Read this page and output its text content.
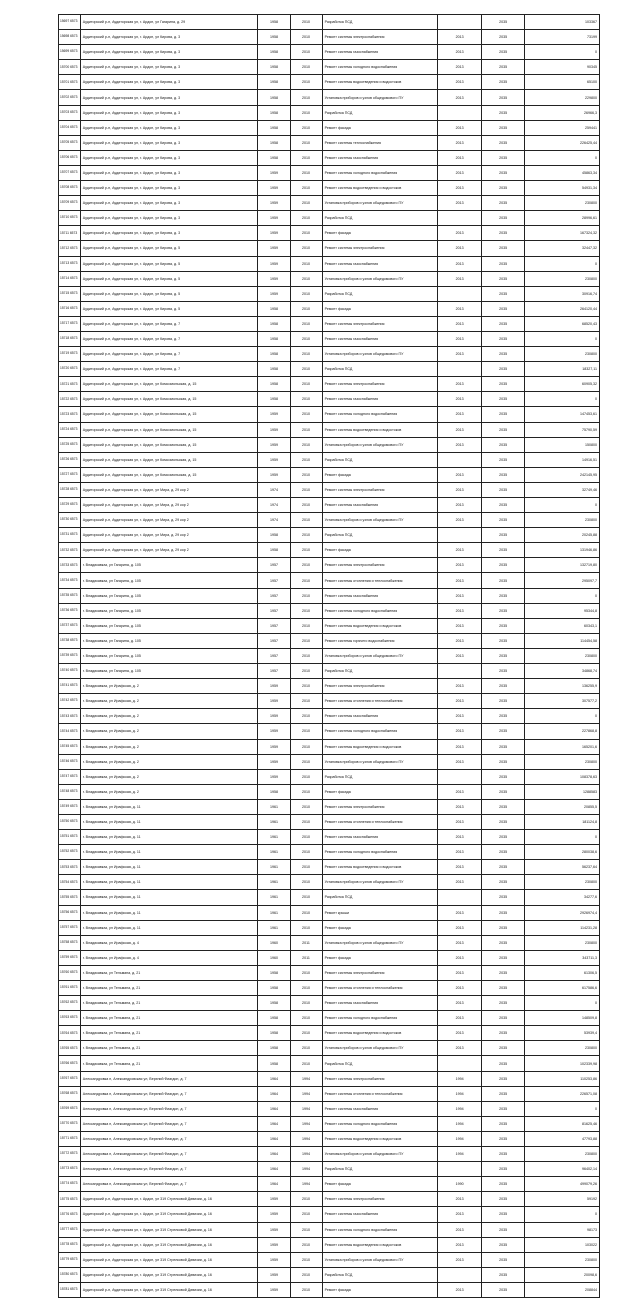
15697 6573	Аудиторский р-н, Аудиторская ул, г. Ардон, ул Гагарина, д. 29	1958	2010	Разработка ПСД		2035	103367
15698 6573	Аудиторский р-н, Аудиторская ул, г. Ардон, ул Кирова, д. 3	1958	2010	Ремонт системы электроснабжения	2013	2035	73199
15699 6573	Аудиторский р-н, Аудиторская ул, г. Ардон, ул Кирова, д. 3	1958	2010	Ремонт системы газоснабжения	2013	2035	0
15700 6573	Аудиторский р-н, Аудиторская ул, г. Ардон, ул Кирова, д. 3	1958	2010	Ремонт системы холодного водоснабжения	2013	2035	90345
15701 6573	Аудиторский р-н, Аудиторская ул, г. Ардон, ул Кирова, д. 3	1958	2010	Ремонт системы водоотведения и водостоков	2013	2035	65100
15702 6573	Аудиторский р-н, Аудиторская ул, г. Ардон, ул Кирова, д. 3	1958	2010	Установка приборов и узлов общедомового ПУ	2013	2035	229800
15703 6573	Аудиторский р-н, Аудиторская ул, г. Ардон, ул Кирова, д. 3	1958	2010	Разработка ПСД		2035	26966,3
15704 6573	Аудиторский р-н, Аудиторская ул, г. Ардон, ул Кирова, д. 3	1958	2010	Ремонт фасада	2013	2035	259441
15705 6573	Аудиторский р-н, Аудиторская ул, г. Ардон, ул Кирова, д. 3	1958	2010	Ремонт системы теплоснабжения	2013	2035	226425,44
15706 6573	Аудиторский р-н, Аудиторская ул, г. Ардон, ул Кирова, д. 3	1958	2010	Ремонт системы газоснабжения	2013	2035	0
15707 6573	Аудиторский р-н, Аудиторская ул, г. Ардон, ул Кирова, д. 3	1959	2010	Ремонт системы холодного водоснабжения	2013	2035	45863,34
15708 6573	Аудиторский р-н, Аудиторская ул, г. Ардон, ул Кирова, д. 3	1959	2010	Ремонт системы водоотведения и водостоков	2013	2035	54931,34
15709 6573	Аудиторский р-н, Аудиторская ул, г. Ардон, ул Кирова, д. 3	1959	2010	Установка приборов и узлов общедомового ПУ	2013	2035	230800
15710 6573	Аудиторский р-н, Аудиторская ул, г. Ардон, ул Кирова, д. 3	1959	2010	Разработка ПСД		2035	28996,61
15711 6573	Аудиторский р-н, Аудиторская ул, г. Ардон, ул Кирова, д. 3	1959	2010	Ремонт фасада	2013	2035	167324,32
15712 6573	Аудиторский р-н, Аудиторская ул, г. Ардон, ул Кирова, д. 5	1959	2010	Ремонт системы электроснабжения	2013	2035	32447,32
15713 6573	Аудиторский р-н, Аудиторская ул, г. Ардон, ул Кирова, д. 5	1959	2010	Ремонт системы газоснабжения	2013	2035	0
15714 6573	Аудиторский р-н, Аудиторская ул, г. Ардон, ул Кирова, д. 5	1959	2010	Установка приборов и узлов общедомового ПУ	2013	2035	230800
15715 6573	Аудиторский р-н, Аудиторская ул, г. Ардон, ул Кирова, д. 5	1959	2010	Разработка ПСД		2035	30916,74
15716 6573	Аудиторский р-н, Аудиторская ул, г. Ардон, ул Кирова, д. 5	1958	2010	Ремонт фасада	2013	2035	264120,44
15717 6573	Аудиторский р-н, Аудиторская ул, г. Ардон, ул Кирова, д. 7	1958	2010	Ремонт системы электроснабжения	2013	2035	68520,43
15718 6573	Аудиторский р-н, Аудиторская ул, г. Ардон, ул Кирова, д. 7	1958	2010	Ремонт системы газоснабжения	2013	2035	0
15719 6573	Аудиторский р-н, Аудиторская ул, г. Ардон, ул Кирова, д. 7	1958	2010	Установка приборов и узлов общедомового ПУ	2013	2035	230800
15720 6573	Аудиторский р-н, Аудиторская ул, г. Ардон, ул Кирова, д. 7	1958	2010	Разработка ПСД		2035	18327,11
15721 6573	Аудиторский р-н, Аудиторская ул, г. Ардон, ул Комсомольская, д. 15	1958	2010	Ремонт системы электроснабжения	2013	2035	60905,32
15722 6573	Аудиторский р-н, Аудиторская ул, г. Ардон, ул Комсомольская, д. 15	1958	2010	Ремонт системы газоснабжения	2013	2035	0
15723 6573	Аудиторский р-н, Аудиторская ул, г. Ардон, ул Комсомольская, д. 15	1959	2010	Ремонт системы холодного водоснабжения	2013	2035	147453,61
15724 6573	Аудиторский р-н, Аудиторская ул, г. Ардон, ул Комсомольская, д. 15	1959	2010	Ремонт системы водоотведения и водостоков	2013	2035	75790,59
15725 6573	Аудиторский р-н, Аудиторская ул, г. Ардон, ул Комсомольская, д. 15	1959	2010	Установка приборов и узлов общедомового ПУ	2013	2035	150800
15726 6573	Аудиторский р-н, Аудиторская ул, г. Ардон, ул Комсомольская, д. 15	1959	2010	Разработка ПСД		2035	14916,51
15727 6573	Аудиторский р-н, Аудиторская ул, г. Ардон, ул Комсомольская, д. 15	1959	2010	Ремонт фасада	2013	2035	242145,95
15728 6573	Аудиторский р-н, Аудиторская ул, г. Ардон, ул Мира, д. 29 кор 2	1974	2010	Ремонт системы электроснабжения	2013	2035	32749,46
15729 6573	Аудиторский р-н, Аудиторская ул, г. Ардон, ул Мира, д. 29 кор 2	1974	2010	Ремонт системы газоснабжения	2013	2035	0
15730 6573	Аудиторский р-н, Аудиторская ул, г. Ардон, ул Мира, д. 29 кор 2	1974	2010	Установка приборов и узлов общедомового ПУ	2013	2035	230800
15731 6573	Аудиторский р-н, Аудиторская ул, г. Ардон, ул Мира, д. 29 кор 2	1958	2010	Разработка ПСД		2035	20245,88
15732 6573	Аудиторский р-н, Аудиторская ул, г. Ардон, ул Мира, д. 29 кор 2	1958	2010	Ремонт фасада	2013	2035	131946,86
15733 6573	г. Владикавказ, ул Гагарина, д. 105	1957	2010	Ремонт системы электроснабжения	2013	2035	132719,80
15734 6573	г. Владикавказ, ул Гагарина, д. 105	1957	2010	Ремонт системы отопления и теплоснабжения	2013	2035	295097,7
15735 6573	г. Владикавказ, ул Гагарина, д. 105	1957	2010	Ремонт системы газоснабжения	2013	2035	0
15736 6573	г. Владикавказ, ул Гагарина, д. 105	1957	2010	Ремонт системы холодного водоснабжения	2013	2035	95344,8
15737 6573	г. Владикавказ, ул Гагарина, д. 105	1957	2010	Ремонт системы водоотведения и водостоков	2013	2035	60343,1
15738 6573	г. Владикавказ, ул Гагарина, д. 105	1957	2010	Ремонт системы горячего водоснабжения	2013	2035	114454,58
15739 6573	г. Владикавказ, ул Гагарина, д. 105	1957	2010	Установка приборов и узлов общедомового ПУ	2013	2035	230800
15740 6573	г. Владикавказ, ул Гагарина, д. 105	1957	2010	Разработка ПСД		2035	34868,74
15741 6573	г. Владикавказ, ул Ирафская, д. 2	1959	2010	Ремонт системы электроснабжения	2013	2035	136255,9
15742 6573	г. Владикавказ, ул Ирафская, д. 2	1959	2010	Ремонт системы отопления и теплоснабжения	2013	2035	307577,2
15743 6573	г. Владикавказ, ул Ирафская, д. 2	1959	2010	Ремонт системы газоснабжения	2013	2035	0
15744 6573	г. Владикавказ, ул Ирафская, д. 2	1959	2010	Ремонт системы холодного водоснабжения	2013	2035	227868,8
15745 6573	г. Владикавказ, ул Ирафская, д. 2	1959	2010	Ремонт системы водоотведения и водостоков	2013	2035	165201,6
15746 6573	г. Владикавказ, ул Ирафская, д. 2	1959	2010	Установка приборов и узлов общедомового ПУ	2013	2035	230800
15747 6573	г. Владикавказ, ул Ирафская, д. 2	1959	2010	Разработка ПСД		2035	108378,63
15748 6573	г. Владикавказ, ул Ирафская, д. 2	1958	2010	Ремонт фасада	2013	2035	1288583
15749 6573	г. Владикавказ, ул Ирафская, д. 11	1961	2010	Ремонт системы электроснабжения	2013	2035	20855,5
15750 6573	г. Владикавказ, ул Ирафская, д. 11	1961	2010	Ремонт системы отопления и теплоснабжения	2013	2035	181124,8
15751 6573	г. Владикавказ, ул Ирафская, д. 11	1961	2010	Ремонт системы газоснабжения	2013	2035	0
15752 6573	г. Владикавказ, ул Ирафская, д. 11	1961	2010	Ремонт системы холодного водоснабжения	2013	2035	280038,6
15753 6573	г. Владикавказ, ул Ирафская, д. 11	1961	2010	Ремонт системы водоотведения и водостоков	2013	2035	56237,64
15754 6573	г. Владикавказ, ул Ирафская, д. 11	1961	2010	Установка приборов и узлов общедомового ПУ	2013	2035	230800
15755 6573	г. Владикавказ, ул Ирафская, д. 11	1961	2010	Разработка ПСД		2035	34277,6
15756 6573	г. Владикавказ, ул Ирафская, д. 11	1961	2010	Ремонт крыши	2013	2035	2926974,4
15757 6573	г. Владикавказ, ул Ирафская, д. 11	1961	2010	Ремонт фасада	2013	2035	114231,28
15758 6573	г. Владикавказ, ул Ирафская, д. 4	1960	2011	Установка приборов и узлов общедомового ПУ	2013	2035	230800
15759 6573	г. Владикавказ, ул Ирафская, д. 4	1960	2011	Ремонт фасада	2013	2035	343711,3
15760 6573	г. Владикавказ, ул Тельмана, д. 21	1958	2010	Ремонт системы электроснабжения	2013	2035	61306,5
15761 6573	г. Владикавказ, ул Тельмана, д. 21	1958	2010	Ремонт системы отопления и теплоснабжения	2013	2035	617586,6
15762 6573	г. Владикавказ, ул Тельмана, д. 21	1958	2010	Ремонт системы газоснабжения	2013	2035	0
15763 6573	г. Владикавказ, ул Тельмана, д. 21	1958	2010	Ремонт системы холодного водоснабжения	2013	2035	148509,8
15764 6573	г. Владикавказ, ул Тельмана, д. 21	1958	2010	Ремонт системы водоотведения и водостоков	2013	2035	53939,4
15765 6573	г. Владикавказ, ул Тельмана, д. 21	1958	2010	Установка приборов и узлов общедомового ПУ	2013	2035	230800
15766 6573	г. Владикавказ, ул Тельмана, д. 21	1958	2010	Разработка ПСД		2035	102339,98
15767 6573	Александровка п, Александровская ул, Верхний Фиагдон, д. 7	1964	1994	Ремонт системы электроснабжения	1994	2035	110253,86
15768 6573	Александровка п, Александровская ул, Верхний Фиагдон, д. 7	1964	1994	Ремонт системы отопления и теплоснабжения	1994	2035	226571,08
15769 6573	Александровка п, Александровская ул, Верхний Фиагдон, д. 7	1964	1994	Ремонт системы газоснабжения	1994	2035	0
15770 6573	Александровка п, Александровская ул, Верхний Фиагдон, д. 7	1964	1994	Ремонт системы холодного водоснабжения	1994	2035	81625,46
15771 6573	Александровка п, Александровская ул, Верхний Фиагдон, д. 7	1964	1994	Ремонт системы водоотведения и водостоков	1994	2035	47793,88
15772 6573	Александровка п, Александровская ул, Верхний Фиагдон, д. 7	1964	1994	Установка приборов и узлов общедомового ПУ	1994	2035	230800
15773 6573	Александровка п, Александровская ул, Верхний Фиагдон, д. 7	1964	1994	Разработка ПСД		2035	96402,14
15774 6573	Александровка п, Александровская ул, Верхний Фиагдон, д. 7	1964	1994	Ремонт фасада	1990	2035	499079,26
15775 6573	Аудиторский р-н, Аудиторская ул, г. Ардон, ул 319 Стрелковой Дивизии, д. 16	1959	2010	Ремонт системы электроснабжения	2013	2035	59192
15776 6573	Аудиторский р-н, Аудиторская ул, г. Ардон, ул 319 Стрелковой Дивизии, д. 16	1959	2010	Ремонт системы газоснабжения	2013	2035	0
15777 6573	Аудиторский р-н, Аудиторская ул, г. Ардон, ул 319 Стрелковой Дивизии, д. 16	1959	2010	Ремонт системы холодного водоснабжения	2013	2035	98173
15778 6573	Аудиторский р-н, Аудиторская ул, г. Ардон, ул 319 Стрелковой Дивизии, д. 16	1959	2010	Ремонт системы водоотведения и водостоков	2013	2035	103022
15779 6573	Аудиторский р-н, Аудиторская ул, г. Ардон, ул 319 Стрелковой Дивизии, д. 16	1959	2010	Установка приборов и узлов общедомового ПУ	2013	2035	230800
15780 6573	Аудиторский р-н, Аудиторская ул, г. Ардон, ул 319 Стрелковой Дивизии, д. 16	1959	2010	Разработка ПСД		2035	20098,6
15781 6573	Аудиторский р-н, Аудиторская ул, г. Ардон, ул 319 Стрелковой Дивизии, д. 16	1959	2010	Ремонт фасада	2013	2035	208844
